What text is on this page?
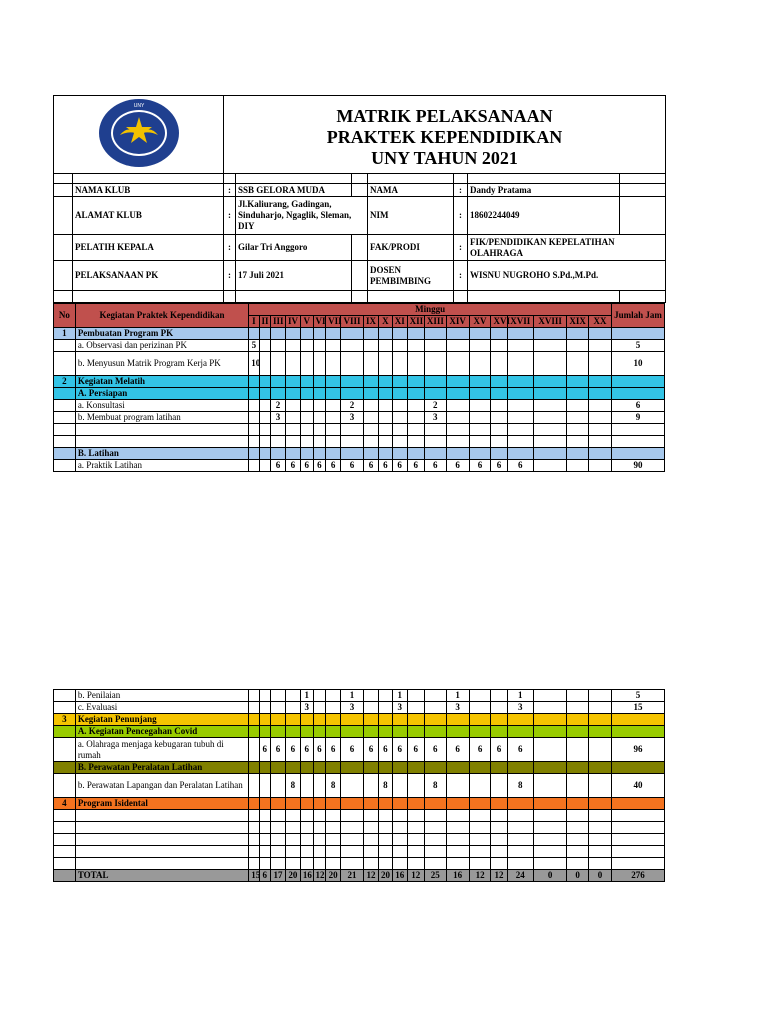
UNY		MATRIK PELAKSANAAN
PRAKTEK KEPENDIDIKAN
UNY TAHUN 2021						

	NAMA KLUB	:	SSB GELORA MUDA		NAMA	:	Dandy Pratama	
	ALAMAT KLUB	:	Jl.Kaliurang, Gadingan, Sinduharjo, Ngaglik, Sleman, DIY		NIM	:	18602244049	
	PELATIH KEPALA	:	Gilar Tri Anggoro		FAK/PRODI	:	FIK/PENDIDIKAN KEPELATIHAN OLAHRAGA	
	PELAKSANAAN PK	:	17 Juli 2021		DOSEN PEMBIMBING	:	WISNU NUGROHO S.Pd.,M.Pd.	

No	Kegiatan Praktek Kependidikan	Minggu																				Jumlah Jam
		I	II	III	IV	V	VI	VII	VIII	IX	X	XI	XII	XIII	XIV	XV	XVI	XVII	XVIII	XIX	XX	
1	Pembuatan Program PK																					
	a. Observasi dan perizinan PK	5																				5
	b. Menyusun Matrik Program Kerja PK	10																				10
2	Kegiatan Melatih																					
	A. Persiapan																					
	a. Konsultasi			2					2					2								6
	b. Membuat program latihan			3					3					3								9

	B. Latihan																					
	a. Praktik Latihan			6	6	6	6	6	6	6	6	6	6	6	6	6	6	6				90
	b. Penilaian					1			1			1			1			1				5
	c. Evaluasi					3			3			3			3			3				15
3	Kegiatan Penunjang																					
	A. Kegiatan Pencegahan Covid																					
	a. Olahraga menjaga kebugaran tubuh di rumah		6	6	6	6	6	6	6	6	6	6	6	6	6	6	6	6				96
	B. Perawatan Peralatan Latihan																					
	b. Perawatan Lapangan dan Peralatan Latihan				8			8			8			8				8				40
4	Program Isidental																					

	TOTAL	15	6	17	20	16	12	20	21	12	20	16	12	25	16	12	12	24	0	0	0	276
